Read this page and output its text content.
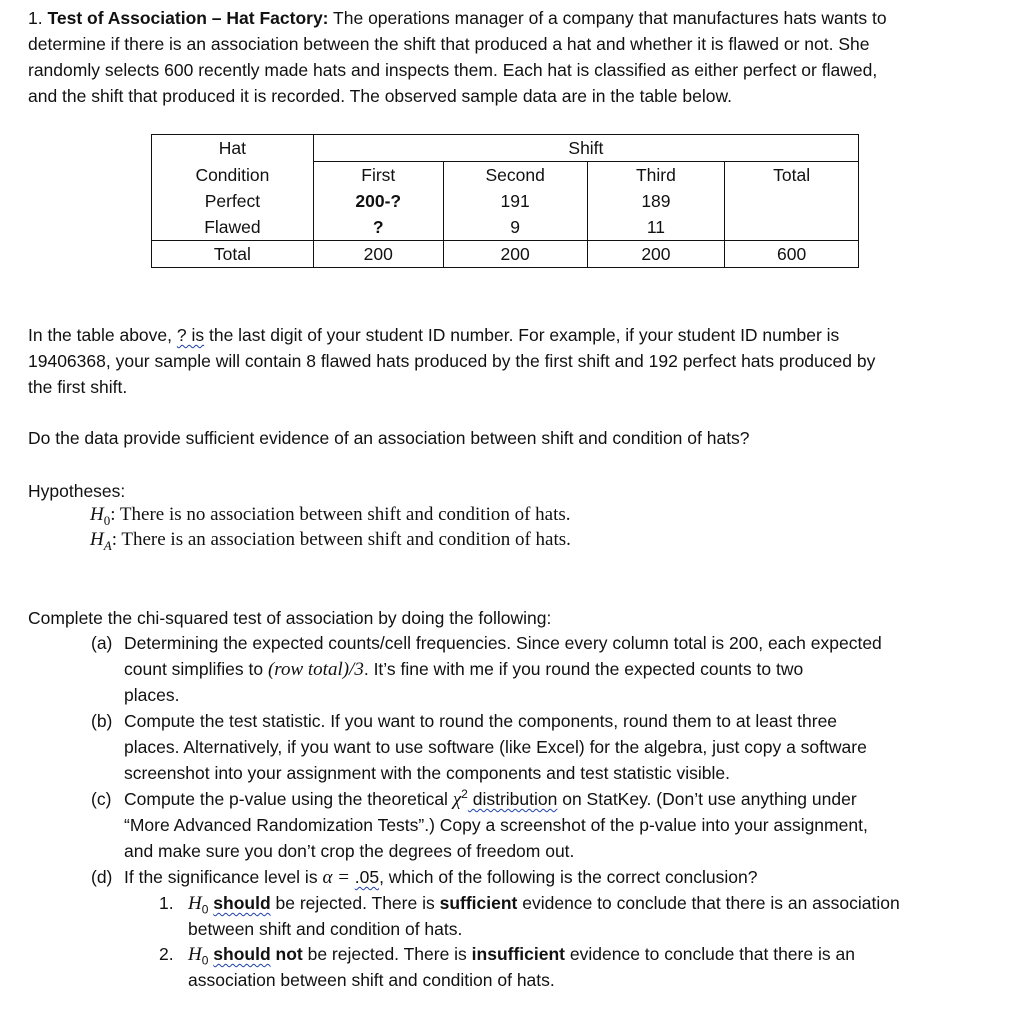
1. Test of Association – Hat Factory: The operations manager of a company that manufactures hats wants to

determine if there is an association between the shift that produced a hat and whether it is flawed or not. She

randomly selects 600 recently made hats and inspects them. Each hat is classified as either perfect or flawed,

and the shift that produced it is recorded. The observed sample data are in the table below.

Hat	Shift			
Condition	First	Second	Third	Total
Perfect	200-?	191	189	
Flawed	?	9	11	
Total	200	200	200	600

In the table above, ? is the last digit of your student ID number. For example, if your student ID number is

19406368, your sample will contain 8 flawed hats produced by the first shift and 192 perfect hats produced by

the first shift.

Do the data provide sufficient evidence of an association between shift and condition of hats?

Hypotheses:

$H_0$: There is no association between shift and condition of hats.

$H_A$: There is an association between shift and condition of hats.

Complete the chi-squared test of association by doing the following:

(a) Determining the expected counts/cell frequencies. Since every column total is 200, each expected

count simplifies to (row total)/3. It’s fine with me if you round the expected counts to two

places.

(b) Compute the test statistic. If you want to round the components, round them to at least three

places. Alternatively, if you want to use software (like Excel) for the algebra, just copy a software

screenshot into your assignment with the components and test statistic visible.

(c) Compute the p-value using the theoretical $\chi^2$ distribution on StatKey. (Don’t use anything under

“More Advanced Randomization Tests”.) Copy a screenshot of the p-value into your assignment,

and make sure you don’t crop the degrees of freedom out.

(d) If the significance level is α = .05, which of the following is the correct conclusion?

1. $H_0$ should be rejected. There is sufficient evidence to conclude that there is an association

between shift and condition of hats.

2. $H_0$ should not be rejected. There is insufficient evidence to conclude that there is an

association between shift and condition of hats.
